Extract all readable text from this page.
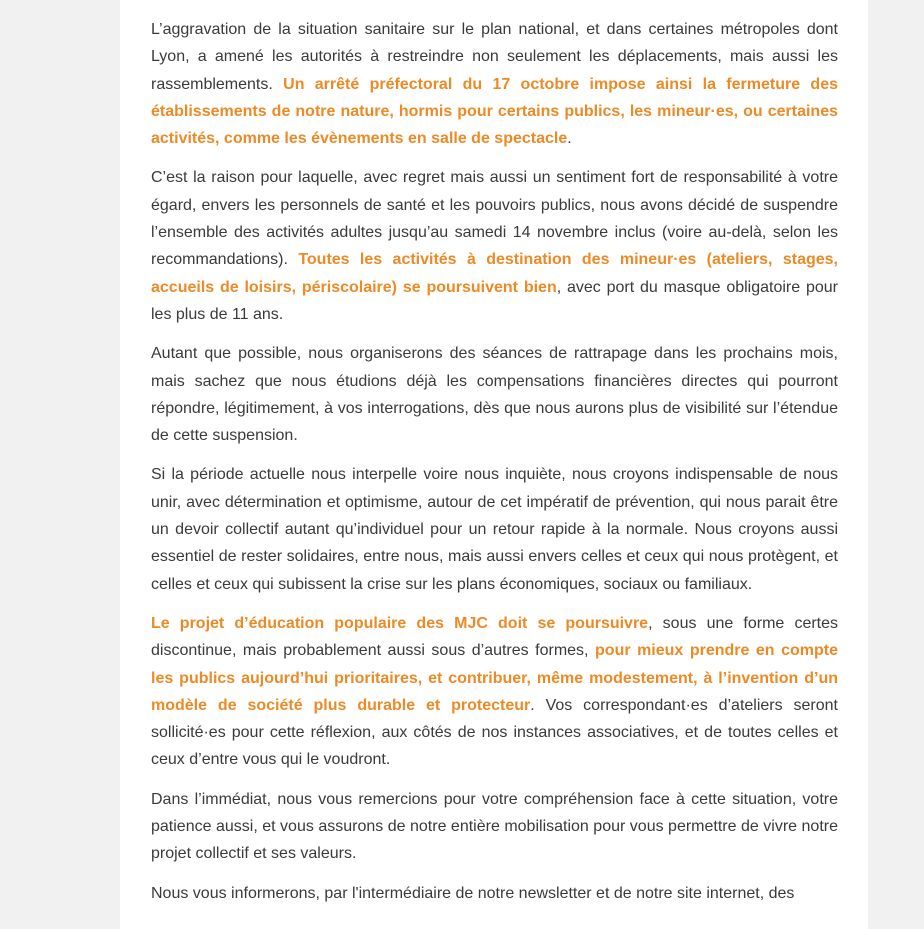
L’aggravation de la situation sanitaire sur le plan national, et dans certaines métropoles dont Lyon, a amené les autorités à restreindre non seulement les déplacements, mais aussi les rassemblements. Un arrêté préfectoral du 17 octobre impose ainsi la fermeture des établissements de notre nature, hormis pour certains publics, les mineur·es, ou certaines activités, comme les évènements en salle de spectacle.

C’est la raison pour laquelle, avec regret mais aussi un sentiment fort de responsabilité à votre égard, envers les personnels de santé et les pouvoirs publics, nous avons décidé de suspendre l’ensemble des activités adultes jusqu’au samedi 14 novembre inclus (voire au-delà, selon les recommandations). Toutes les activités à destination des mineur·es (ateliers, stages, accueils de loisirs, périscolaire) se poursuivent bien, avec port du masque obligatoire pour les plus de 11 ans.

Autant que possible, nous organiserons des séances de rattrapage dans les prochains mois, mais sachez que nous étudions déjà les compensations financières directes qui pourront répondre, légitimement, à vos interrogations, dès que nous aurons plus de visibilité sur l’étendue de cette suspension.

Si la période actuelle nous interpelle voire nous inquiète, nous croyons indispensable de nous unir, avec détermination et optimisme, autour de cet impératif de prévention, qui nous parait être un devoir collectif autant qu’individuel pour un retour rapide à la normale. Nous croyons aussi essentiel de rester solidaires, entre nous, mais aussi envers celles et ceux qui nous protègent, et celles et ceux qui subissent la crise sur les plans économiques, sociaux ou familiaux.

Le projet d’éducation populaire des MJC doit se poursuivre, sous une forme certes discontinue, mais probablement aussi sous d’autres formes, pour mieux prendre en compte les publics aujourd’hui prioritaires, et contribuer, même modestement, à l’invention d’un modèle de société plus durable et protecteur. Vos correspondant·es d’ateliers seront sollicité·es pour cette réflexion, aux côtés de nos instances associatives, et de toutes celles et ceux d’entre vous qui le voudront.

Dans l’immédiat, nous vous remercions pour votre compréhension face à cette situation, votre patience aussi, et vous assurons de notre entière mobilisation pour vous permettre de vivre notre projet collectif et ses valeurs.

Nous vous informerons, par l'intermédiaire de notre newsletter et de notre site internet, des
